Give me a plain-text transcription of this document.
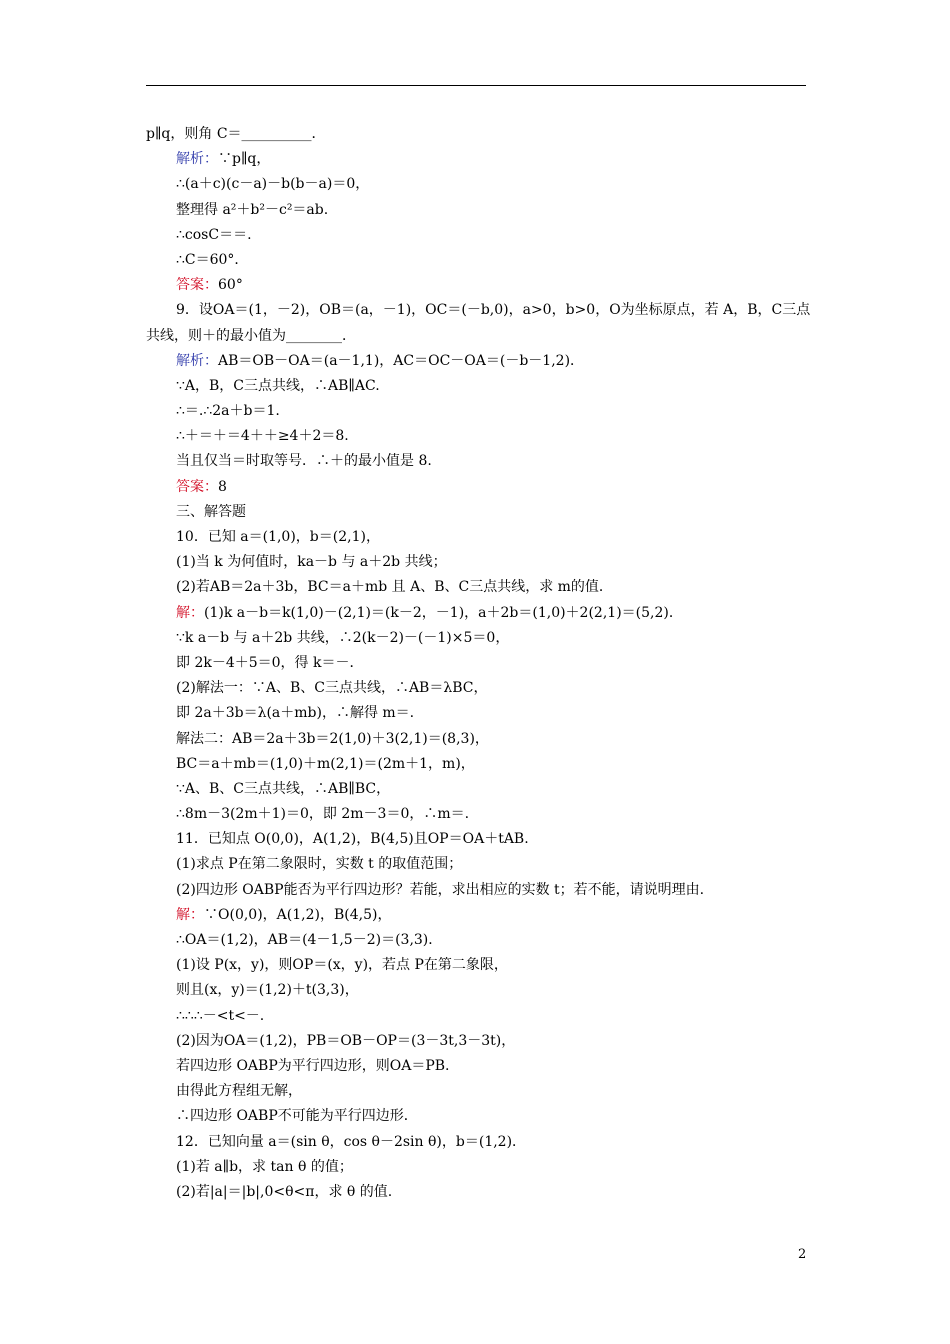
p∥q，则角 C＝__________．
解析：∵p∥q，
∴(a＋c)(c－a)－b(b－a)＝0，
整理得 a²＋b²－c²＝ab.
∴cosC＝＝.
∴C＝60°．
答案：60°
9．设OA＝(1，－2)，OB＝(a，－1)，OC＝(－b,0)，a>0，b>0，O为坐标原点，若 A，B，C三点
共线，则＋的最小值为________．
解析：AB＝OB－OA＝(a－1,1)，AC＝OC－OA＝(－b－1,2)．
∵A，B，C三点共线，∴AB∥AC.
∴＝.∴2a＋b＝1.
∴＋＝＋＝4＋＋≥4＋2＝8.
当且仅当＝时取等号．∴＋的最小值是 8.
答案：8
三、解答题
10．已知 a＝(1,0)，b＝(2,1)，
(1)当 k 为何值时，ka－b 与 a＋2b 共线；
(2)若AB＝2a＋3b，BC＝a＋mb 且 A、B、C三点共线，求 m的值．
解：(1)k a－b＝k(1,0)－(2,1)＝(k－2，－1)，a＋2b＝(1,0)＋2(2,1)＝(5,2)．
∵k a－b 与 a＋2b 共线，∴2(k－2)－(－1)×5＝0，
即 2k－4＋5＝0，得 k＝－．
(2)解法一：∵A、B、C三点共线，∴AB＝λBC，
即 2a＋3b＝λ(a＋mb)，∴解得 m＝.
解法二：AB＝2a＋3b＝2(1,0)＋3(2,1)＝(8,3)，
BC＝a＋mb＝(1,0)＋m(2,1)＝(2m＋1，m)，
∵A、B、C三点共线，∴AB∥BC，
∴8m－3(2m＋1)＝0，即 2m－3＝0，∴m＝.
11．已知点 O(0,0)，A(1,2)，B(4,5)且OP＝OA＋tAB.
(1)求点 P在第二象限时，实数 t 的取值范围；
(2)四边形 OABP能否为平行四边形？若能，求出相应的实数 t；若不能，请说明理由.
解：∵O(0,0)，A(1,2)，B(4,5)，
∴OA＝(1,2)，AB＝(4－1,5－2)＝(3,3)．
(1)设 P(x，y)，则OP＝(x，y)，若点 P在第二象限，
则且(x，y)＝(1,2)＋t(3,3)，
∴∴∴－<t<－.
(2)因为OA＝(1,2)，PB＝OB－OP＝(3－3t,3－3t)，
若四边形 OABP为平行四边形，则OA＝PB.
由得此方程组无解，
∴四边形 OABP不可能为平行四边形．
12．已知向量 a＝(sin θ，cos θ－2sin θ)，b＝(1,2)．
(1)若 a∥b，求 tan θ 的值；
(2)若|a|＝|b|,0<θ<π，求 θ 的值.
2
